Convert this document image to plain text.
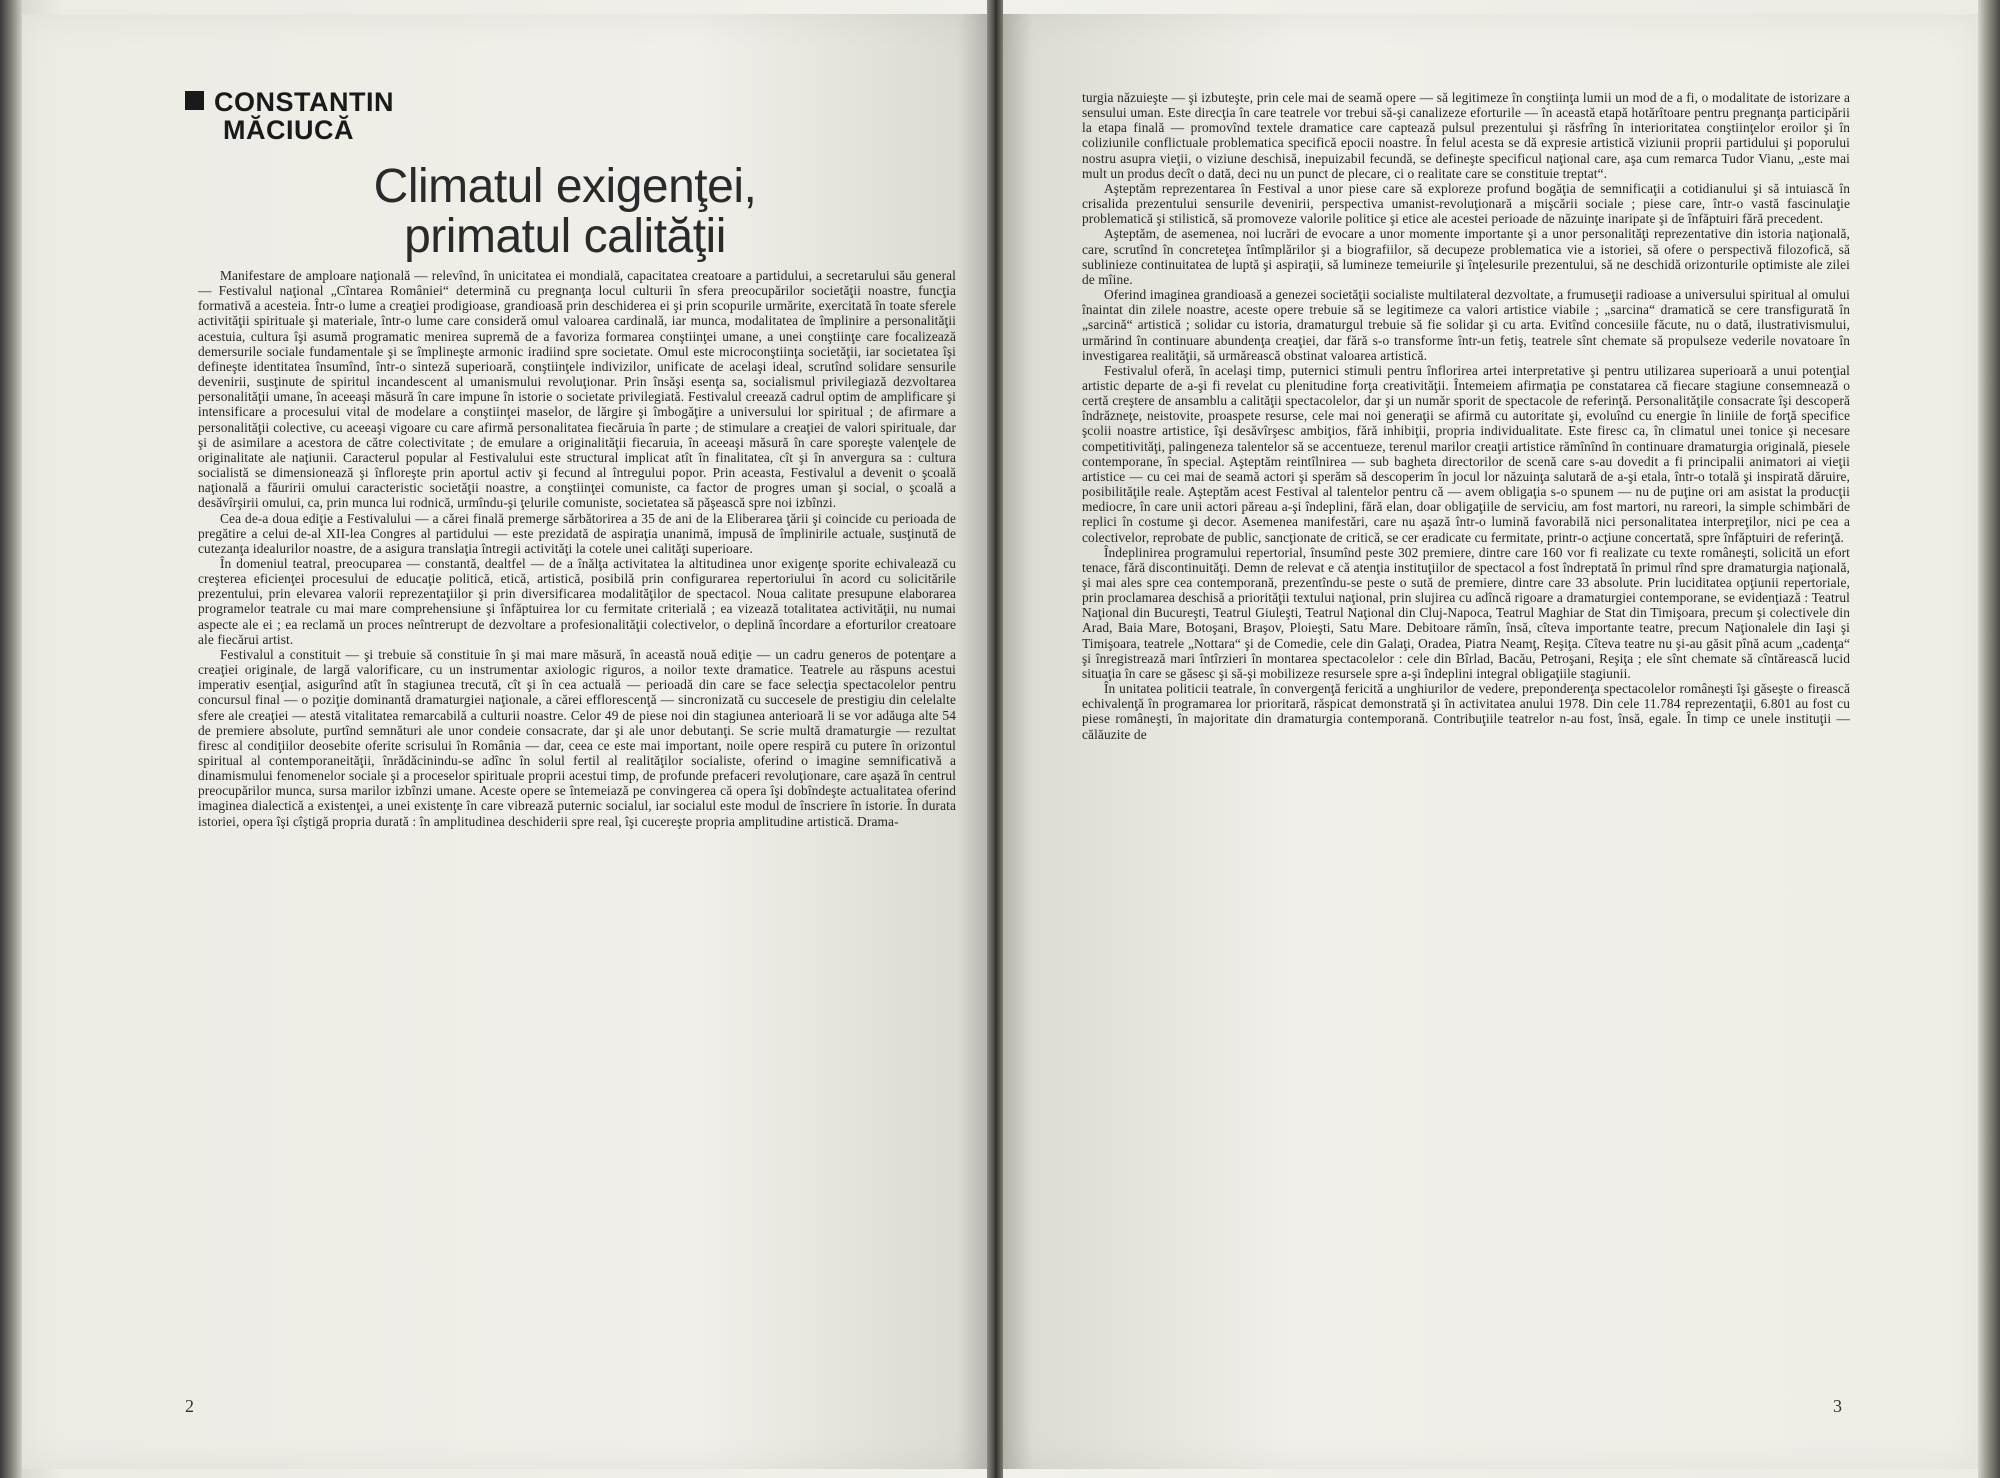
CONSTANTIN
MĂCIUCĂ
Climatul exigenţei,
primatul calităţii

Manifestare de amploare naţională — relevînd, în unicitatea ei mondială, capacitatea creatoare a partidului, a secretarului său general — Festivalul naţional „Cîntarea României“ determină cu pregnanţa locul culturii în sfera preocupărilor societăţii noastre, funcţia formativă a acesteia. Într-o lume a creaţiei prodigioase, grandioasă prin deschiderea ei şi prin scopurile urmărite, exercitată în toate sferele activităţii spirituale şi materiale, într-o lume care consideră omul valoarea cardinală, iar munca, modalitatea de împlinire a personalităţii acestuia, cultura îşi asumă programatic menirea supremă de a favoriza formarea conştiinţei umane, a unei conştiinţe care focalizează demersurile sociale fundamentale şi se împlineşte armonic iradiind spre societate. Omul este microconştiinţa societăţii, iar societatea îşi defineşte identitatea însumînd, într-o sinteză superioară, conştiinţele indivizilor, unificate de acelaşi ideal, scrutînd solidare sensurile devenirii, susţinute de spiritul incandescent al umanismului revoluţionar. Prin însăşi esenţa sa, socialismul privilegiază dezvoltarea personalităţii umane, în aceeaşi măsură în care impune în istorie o societate privilegiată. Festivalul creează cadrul optim de amplificare şi intensificare a procesului vital de modelare a conştiinţei maselor, de lărgire şi îmbogăţire a universului lor spiritual ; de afirmare a personalităţii colective, cu aceeaşi vigoare cu care afirmă personalitatea fiecăruia în parte ; de stimulare a creaţiei de valori spirituale, dar şi de asimilare a acestora de către colectivitate ; de emulare a originalităţii fiecaruia, în aceeaşi măsură în care sporeşte valenţele de originalitate ale naţiunii. Caracterul popular al Festivalului este structural implicat atît în finalitatea, cît şi în anvergura sa : cultura socialistă se dimensionează şi înfloreşte prin aportul activ şi fecund al întregului popor. Prin aceasta, Festivalul a devenit o şcoală naţională a făuririi omului caracteristic societăţii noastre, a conştiinţei comuniste, ca factor de progres uman şi social, o şcoală a desăvîrşirii omului, ca, prin munca lui rodnică, urmîndu-şi ţelurile comuniste, societatea să păşească spre noi izbînzi.

Cea de-a doua ediţie a Festivalului — a cărei finală premerge sărbătorirea a 35 de ani de la Eliberarea ţării şi coincide cu perioada de pregătire a celui de-al XII-lea Congres al partidului — este prezidată de aspiraţia unanimă, impusă de împlinirile actuale, susţinută de cutezanţa idealurilor noastre, de a asigura translaţia întregii activităţi la cotele unei calităţi superioare.

În domeniul teatral, preocuparea — constantă, dealtfel — de a înălţa activitatea la altitudinea unor exigenţe sporite echivalează cu creşterea eficienţei procesului de educaţie politică, etică, artistică, posibilă prin configurarea repertoriului în acord cu solicitările prezentului, prin elevarea valorii reprezentaţiilor şi prin diversificarea modalităţilor de spectacol. Noua calitate presupune elaborarea programelor teatrale cu mai mare comprehensiune şi înfăptuirea lor cu fermitate criterială ; ea vizează totalitatea activităţii, nu numai aspecte ale ei ; ea reclamă un proces neîntrerupt de dezvoltare a profesionalităţii colectivelor, o deplină încordare a eforturilor creatoare ale fiecărui artist.

Festivalul a constituit — şi trebuie să constituie în şi mai mare măsură, în această nouă ediţie — un cadru generos de potenţare a creaţiei originale, de largă valorificare, cu un instrumentar axiologic riguros, a noilor texte dramatice. Teatrele au răspuns acestui imperativ esenţial, asigurînd atît în stagiunea trecută, cît şi în cea actuală — perioadă din care se face selecţia spectacolelor pentru concursul final — o poziţie dominantă dramaturgiei naţionale, a cărei efflorescenţă — sincronizată cu succesele de prestigiu din celelalte sfere ale creaţiei — atestă vitalitatea remarcabilă a culturii noastre. Celor 49 de piese noi din stagiunea anterioară li se vor adăuga alte 54 de premiere absolute, purtînd semnături ale unor condeie consacrate, dar şi ale unor debutanţi. Se scrie multă dramaturgie — rezultat firesc al condiţiilor deosebite oferite scrisului în România — dar, ceea ce este mai important, noile opere respiră cu putere în orizontul spiritual al contemporaneităţii, înrădăcinindu-se adînc în solul fertil al realităţilor socialiste, oferind o imagine semnificativă a dinamismului fenomenelor sociale şi a proceselor spirituale proprii acestui timp, de profunde prefaceri revoluţionare, care aşază în centrul preocupărilor munca, sursa marilor izbînzi umane. Aceste opere se întemeiază pe convingerea că opera îşi dobîndeşte actualitatea oferind imaginea dialectică a existenţei, a unei existenţe în care vibrează puternic socialul, iar socialul este modul de înscriere în istorie. În durata istoriei, opera îşi cîştigă propria durată : în amplitudinea deschiderii spre real, îşi cucereşte propria amplitudine artistică. Drama-

turgia năzuieşte — şi izbuteşte, prin cele mai de seamă opere — să legitimeze în conştiinţa lumii un mod de a fi, o modalitate de istorizare a sensului uman. Este direcţia în care teatrele vor trebui să-şi canalizeze eforturile — în această etapă hotărîtoare pentru pregnanţa participării la etapa finală — promovînd textele dramatice care captează pulsul prezentului şi răsfrîng în interioritatea conştiinţelor eroilor şi în coliziunile conflictuale problematica specifică epocii noastre. În felul acesta se dă expresie artistică viziunii proprii partidului şi poporului nostru asupra vieţii, o viziune deschisă, inepuizabil fecundă, se defineşte specificul naţional care, aşa cum remarca Tudor Vianu, „este mai mult un produs decît o dată, deci nu un punct de plecare, ci o realitate care se constituie treptat“.

Aşteptăm reprezentarea în Festival a unor piese care să exploreze profund bogăţia de semnificaţii a cotidianului şi să intuiască în crisalida prezentului sensurile devenirii, perspectiva umanist-revoluţionară a mişcării sociale ; piese care, într-o vastă fascinulaţie problematică şi stilistică, să promoveze valorile politice şi etice ale acestei perioade de năzuinţe inaripate şi de înfăptuiri fără precedent.

Aşteptăm, de asemenea, noi lucrări de evocare a unor momente importante şi a unor personalităţi reprezentative din istoria naţională, care, scrutînd în concreteţea întîmplărilor şi a biografiilor, să decupeze problematica vie a istoriei, să ofere o perspectivă filozofică, să sublinieze continuitatea de luptă şi aspiraţii, să lumineze temeiurile şi înţelesurile prezentului, să ne deschidă orizonturile optimiste ale zilei de mîine.

Oferind imaginea grandioasă a genezei societăţii socialiste multilateral dezvoltate, a frumuseţii radioase a universului spiritual al omului înaintat din zilele noastre, aceste opere trebuie să se legitimeze ca valori artistice viabile ; „sarcina“ dramatică se cere transfigurată în „sarcină“ artistică ; solidar cu istoria, dramaturgul trebuie să fie solidar şi cu arta. Evitînd concesiile făcute, nu o dată, ilustrativismului, urmărind în continuare abundenţa creaţiei, dar fără s-o transforme într-un fetiş, teatrele sînt chemate să propulseze vederile novatoare în investigarea realităţii, să urmărească obstinat valoarea artistică.

Festivalul oferă, în acelaşi timp, puternici stimuli pentru înflorirea artei interpretative şi pentru utilizarea superioară a unui potenţial artistic departe de a-şi fi revelat cu plenitudine forţa creativităţii. Întemeiem afirmaţia pe constatarea că fiecare stagiune consemnează o certă creştere de ansamblu a calităţii spectacolelor, dar şi un număr sporit de spectacole de referinţă. Personalităţile consacrate îşi descoperă îndrăzneţe, neistovite, proaspete resurse, cele mai noi generaţii se afirmă cu autoritate şi, evoluînd cu energie în liniile de forţă specifice şcolii noastre artistice, îşi desăvîrşesc ambiţios, fără inhibiţii, propria individualitate. Este firesc ca, în climatul unei tonice şi necesare competitivităţi, palingeneza talentelor să se accentueze, terenul marilor creaţii artistice rămînînd în continuare dramaturgia originală, piesele contemporane, în special. Aşteptăm reintîlnirea — sub bagheta directorilor de scenă care s-au dovedit a fi principalii animatori ai vieţii artistice — cu cei mai de seamă actori şi sperăm să descoperim în jocul lor năzuinţa salutară de a-şi etala, într-o totală şi inspirată dăruire, posibilităţile reale. Aşteptăm acest Festival al talentelor pentru că — avem obligaţia s-o spunem — nu de puţine ori am asistat la producţii mediocre, în care unii actori păreau a-şi îndeplini, fără elan, doar obligaţiile de serviciu, am fost martori, nu rareori, la simple schimbări de replici în costume şi decor. Asemenea manifestări, care nu aşază într-o lumină favorabilă nici personalitatea interpreţilor, nici pe cea a colectivelor, reprobate de public, sancţionate de critică, se cer eradicate cu fermitate, printr-o acţiune concertată, spre înfăptuiri de referinţă.

Îndeplinirea programului repertorial, însumînd peste 302 premiere, dintre care 160 vor fi realizate cu texte româneşti, solicită un efort tenace, fără discontinuităţi. Demn de relevat e că atenţia instituţiilor de spectacol a fost îndreptată în primul rînd spre dramaturgia naţională, şi mai ales spre cea contemporană, prezentîndu-se peste o sută de premiere, dintre care 33 absolute. Prin luciditatea opţiunii repertoriale, prin proclamarea deschisă a priorităţii textului naţional, prin slujirea cu adîncă rigoare a dramaturgiei contemporane, se evidenţiază : Teatrul Naţional din Bucureşti, Teatrul Giuleşti, Teatrul Naţional din Cluj-Napoca, Teatrul Maghiar de Stat din Timişoara, precum şi colectivele din Arad, Baia Mare, Botoşani, Braşov, Ploieşti, Satu Mare. Debitoare rămîn, însă, cîteva importante teatre, precum Naţionalele din Iaşi şi Timişoara, teatrele „Nottara“ şi de Comedie, cele din Galaţi, Oradea, Piatra Neamţ, Reşiţa. Cîteva teatre nu şi-au găsit pînă acum „cadenţa“ şi înregistrează mari întîrzieri în montarea spectacolelor : cele din Bîrlad, Bacău, Petroşani, Reşiţa ; ele sînt chemate să cîntărească lucid situaţia în care se găsesc şi să-şi mobilizeze resursele spre a-şi îndeplini integral obligaţiile stagiunii.

În unitatea politicii teatrale, în convergenţă fericită a unghiurilor de vedere, preponderenţa spectacolelor româneşti îşi găseşte o firească echivalenţă în programarea lor prioritară, răspicat demonstrată şi în activitatea anului 1978. Din cele 11.784 reprezentaţii, 6.801 au fost cu piese româneşti, în majoritate din dramaturgia contemporană. Contribuţiile teatrelor n-au fost, însă, egale. În timp ce unele instituţii — călăuzite de

2	3
